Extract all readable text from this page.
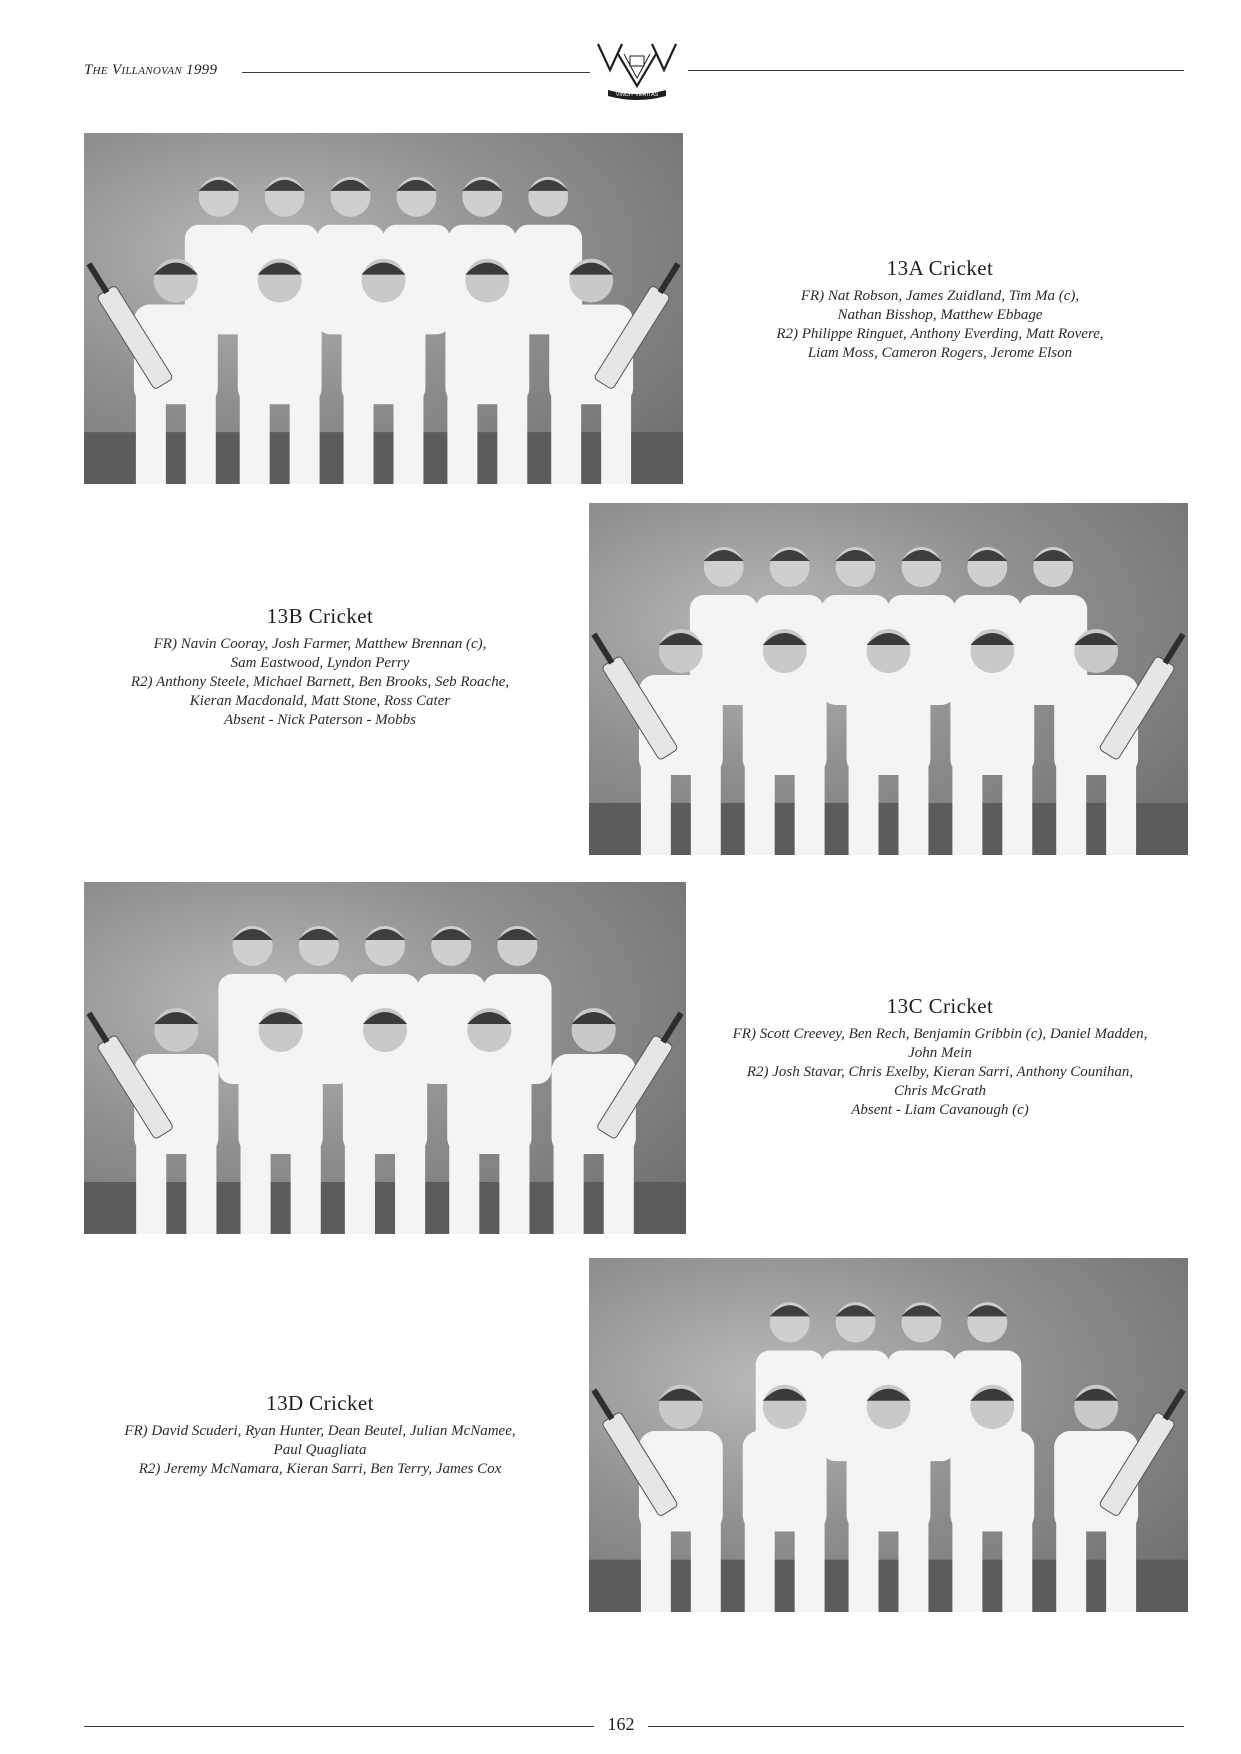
The Villanovan 1999
VINCIT VERITAS
13A Cricket
FR) Nat Robson, James Zuidland, Tim Ma (c),
Nathan Bisshop, Matthew Ebbage
R2) Philippe Ringuet, Anthony Everding, Matt Rovere,
Liam Moss, Cameron Rogers, Jerome Elson
13B Cricket
FR) Navin Cooray, Josh Farmer, Matthew Brennan (c),
Sam Eastwood, Lyndon Perry
R2) Anthony Steele, Michael Barnett, Ben Brooks, Seb Roache,
Kieran Macdonald, Matt Stone, Ross Cater
Absent - Nick Paterson - Mobbs
13C Cricket
FR) Scott Creevey, Ben Rech, Benjamin Gribbin (c), Daniel Madden,
John Mein
R2) Josh Stavar, Chris Exelby, Kieran Sarri, Anthony Counihan,
Chris McGrath
Absent - Liam Cavanough (c)
13D Cricket
FR) David Scuderi, Ryan Hunter, Dean Beutel, Julian McNamee,
Paul Quagliata
R2) Jeremy McNamara, Kieran Sarri, Ben Terry, James Cox
162
